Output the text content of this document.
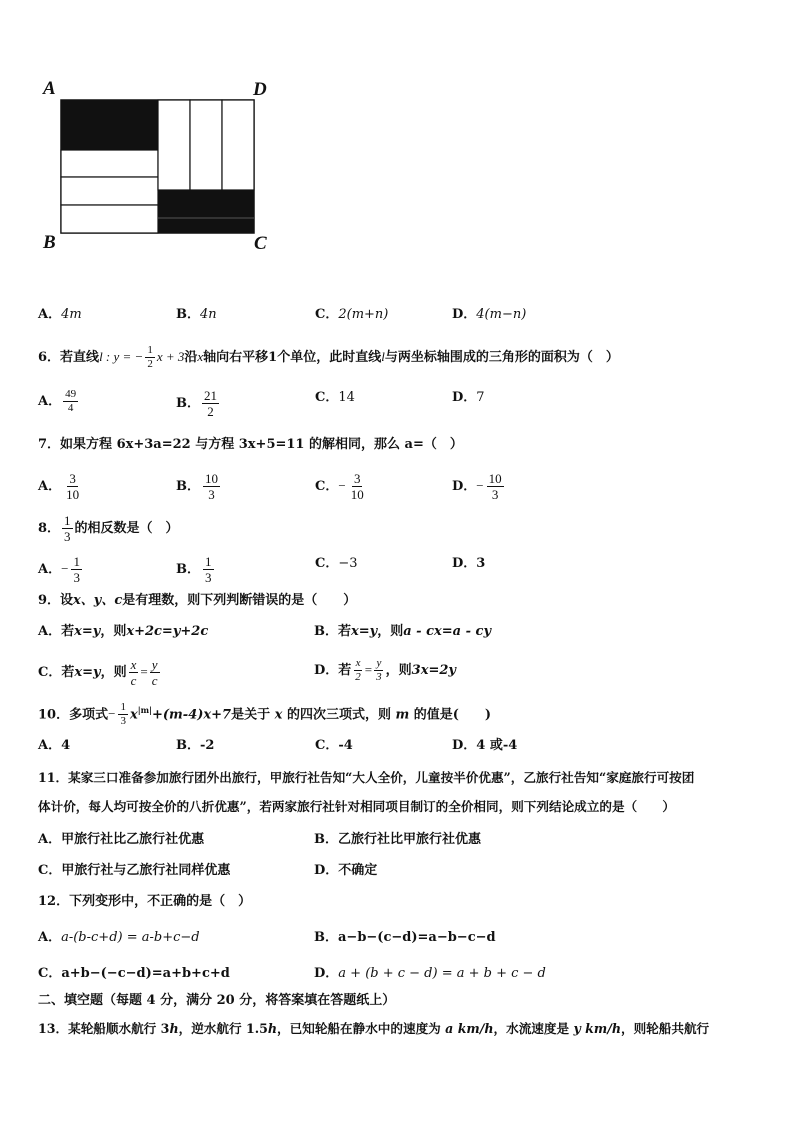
A	D
B	C
A．4m	B．4n	C．2(m+n)	D．4(m−n)
6．若直线l : y = − $\frac{1}{2}$ x + 3沿x轴向右平移1个单位，此时直线l与两坐标轴围成的三角形的面积为（　）
A． $\frac{49}{4}$	B． $\frac{21}{2}$	C．14	D．7
7．如果方程 6x+3a=22 与方程 3x+5=11 的解相同，那么 a=（　）
A． $\frac{3}{10}$	B． $\frac{10}{3}$	C．− $\frac{3}{10}$	D．− $\frac{10}{3}$
8． $\frac{1}{3}$ 的相反数是（　）
A．− $\frac{1}{3}$	B． $\frac{1}{3}$	C．−3	D．3
9．设x、y、c是有理数，则下列判断错误的是（　　）
A．若x=y，则x+2c=y+2c	B．若x=y，则a - cx=a - cy
C．若x=y，则 $\frac{x}{c} = \frac{y}{c}$	D．若 $\frac{x}{2} = \frac{y}{3}$ ，则3x=2y
10．多项式− $\frac{1}{3} x^{|m|}+(m-4)x+7$是关于 x 的四次三项式，则 m 的值是(　　)
A．4	B．-2	C．-4	D．4 或-4
11．某家三口准备参加旅行团外出旅行，甲旅行社告知“大人全价，儿童按半价优惠”，乙旅行社告知“家庭旅行可按团
体计价，每人均可按全价的八折优惠”，若两家旅行社针对相同项目制订的全价相同，则下列结论成立的是（　　）
A．甲旅行社比乙旅行社优惠	B．乙旅行社比甲旅行社优惠
C．甲旅行社与乙旅行社同样优惠	D．不确定
12．下列变形中，不正确的是（　）
A．a-(b-c+d) = a-b+c−d	B．a−b−(c−d)=a−b−c−d
C．a+b−(−c−d)=a+b+c+d	D．a + (b + c − d) = a + b + c − d
二、填空题（每题 4 分，满分 20 分，将答案填在答题纸上）
13．某轮船顺水航行 3h，逆水航行 1.5h，已知轮船在静水中的速度为 a km/h，水流速度是 y km/h，则轮船共航行
